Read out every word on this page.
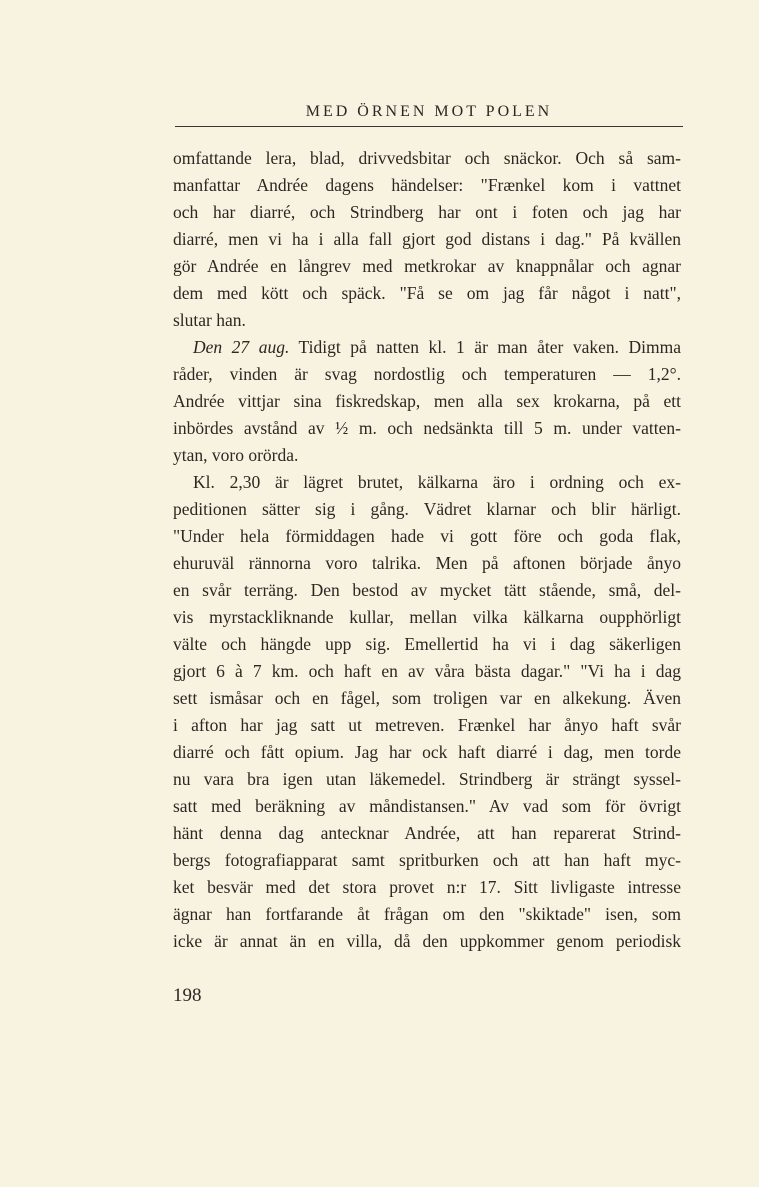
MED ÖRNEN MOT POLEN
omfattande lera, blad, drivvedsbitar och snäckor. Och så sam-
manfattar Andrée dagens händelser: "Frænkel kom i vattnet
och har diarré, och Strindberg har ont i foten och jag har
diarré, men vi ha i alla fall gjort god distans i dag." På kvällen
gör Andrée en långrev med metkrokar av knappnålar och agnar
dem med kött och späck. "Få se om jag får något i natt",
slutar han.
Den 27 aug. Tidigt på natten kl. 1 är man åter vaken. Dimma
råder, vinden är svag nordostlig och temperaturen — 1,2°.
Andrée vittjar sina fiskredskap, men alla sex krokarna, på ett
inbördes avstånd av ½ m. och nedsänkta till 5 m. under vatten-
ytan, voro orörda.
Kl. 2,30 är lägret brutet, kälkarna äro i ordning och ex-
peditionen sätter sig i gång. Vädret klarnar och blir härligt.
"Under hela förmiddagen hade vi gott före och goda flak,
ehuruväl rännorna voro talrika. Men på aftonen började ånyo
en svår terräng. Den bestod av mycket tätt stående, små, del-
vis myrstackliknande kullar, mellan vilka kälkarna oupphörligt
välte och hängde upp sig. Emellertid ha vi i dag säkerligen
gjort 6 à 7 km. och haft en av våra bästa dagar." "Vi ha i dag
sett ismåsar och en fågel, som troligen var en alkekung. Även
i afton har jag satt ut metreven. Frænkel har ånyo haft svår
diarré och fått opium. Jag har ock haft diarré i dag, men torde
nu vara bra igen utan läkemedel. Strindberg är strängt syssel-
satt med beräkning av måndistansen." Av vad som för övrigt
hänt denna dag antecknar Andrée, att han reparerat Strind-
bergs fotografiapparat samt spritburken och att han haft myc-
ket besvär med det stora provet n:r 17. Sitt livligaste intresse
ägnar han fortfarande åt frågan om den "skiktade" isen, som
icke är annat än en villa, då den uppkommer genom periodisk
198
